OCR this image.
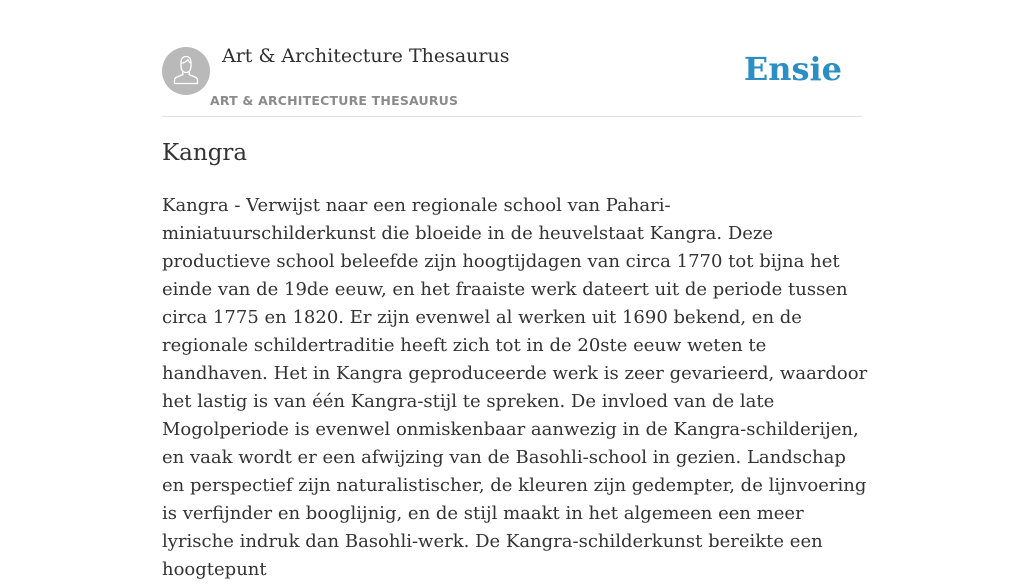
Art & Architecture Thesaurus
ART & ARCHITECTURE THESAURUS
Ensie
Kangra

Kangra - Verwijst naar een regionale school van Pahari-miniatuurschilderkunst die bloeide in de heuvelstaat Kangra. Deze productieve school beleefde zijn hoogtijdagen van circa 1770 tot bijna het einde van de 19de eeuw, en het fraaiste werk dateert uit de periode tussen circa 1775 en 1820. Er zijn evenwel al werken uit 1690 bekend, en de regionale schildertraditie heeft zich tot in de 20ste eeuw weten te handhaven. Het in Kangra geproduceerde werk is zeer gevarieerd, waardoor het lastig is van één Kangra-stijl te spreken. De invloed van de late Mogolperiode is evenwel onmiskenbaar aanwezig in de Kangra-schilderijen, en vaak wordt er een afwijzing van de Basohli-school in gezien. Landschap en perspectief zijn naturalistischer, de kleuren zijn gedempter, de lijnvoering is verfijnder en booglijnig, en de stijl maakt in het algemeen een meer lyrische indruk dan Basohli-werk. De Kangra-schilderkunst bereikte een hoogtepunt
